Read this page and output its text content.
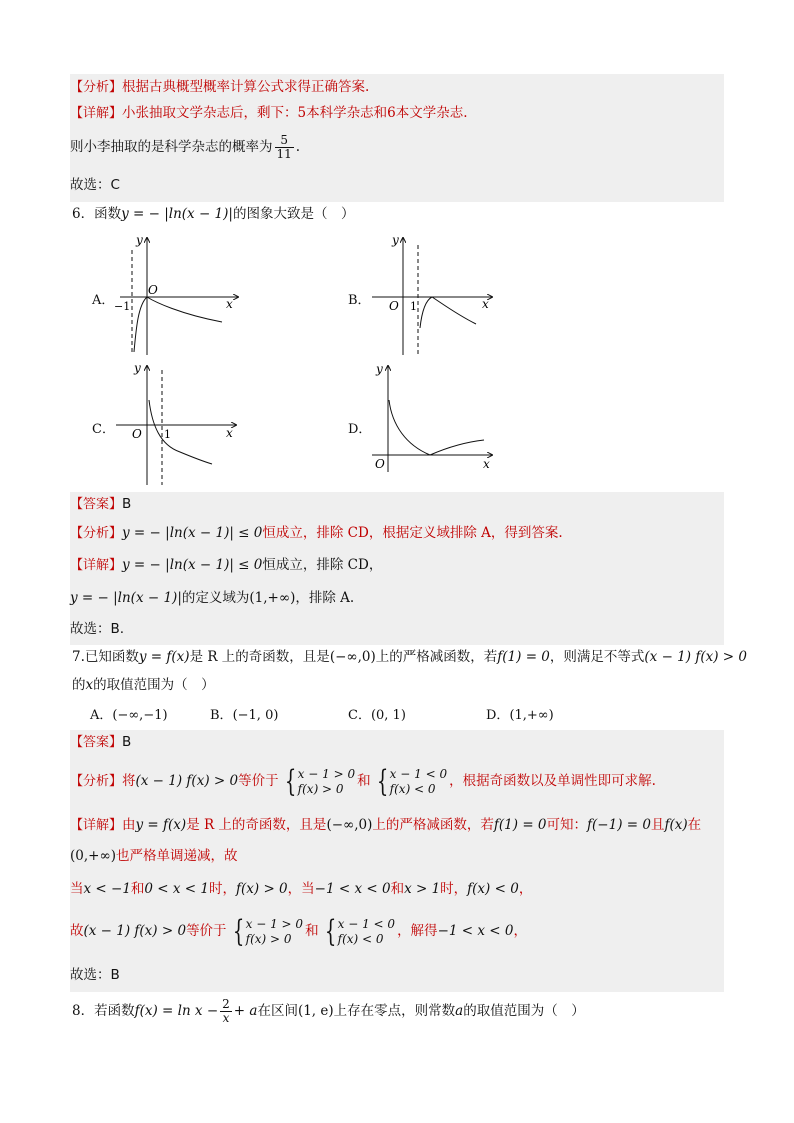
【分析】根据古典概型概率计算公式求得正确答案.
【详解】小张抽取文学杂志后，剩下：5本科学杂志和6本文学杂志.
则小李抽取的是科学杂志的概率为 $\frac{5}{11}$ .
故选：C
6．函数y = − |ln(x − 1)|的图象大致是（　）
A．	x
y
−1
O
B．	x
y
O 1
C．	x
y
O 1	D．
x
y
O
【答案】B
【分析】y = − |ln(x − 1)| ≤ 0恒成立，排除 CD，根据定义域排除 A，得到答案.
【详解】y = − |ln(x − 1)| ≤ 0恒成立，排除 CD，
y = − |ln(x − 1)|的定义域为(1,+∞)，排除 A.
故选：B.
7.已知函数y = f(x)是 R 上的奇函数，且是(−∞,0)上的严格减函数，若f(1) = 0，则满足不等式(x − 1) f(x) > 0
的x的取值范围为（　）
A．(−∞,−1)	B．(−1, 0)	C．(0, 1)	D．(1,+∞)
【答案】B
【分析】将(x − 1) f(x) > 0等价于 { x − 1 > 0
f(x) > 0	和 { x − 1 < 0
f(x) < 0	，根据奇函数以及单调性即可求解.
【详解】由y = f(x)是 R 上的奇函数，且是(−∞,0)上的严格减函数，若f(1) = 0可知：f(−1) = 0且f(x)在
(0,+∞)也严格单调递减，故
当x < −1和0 < x < 1时，f(x) > 0，当−1 < x < 0和x > 1时，f(x) < 0，
故(x − 1) f(x) > 0等价于 { x − 1 > 0
f(x) > 0	和 { x − 1 < 0
f(x) < 0	，解得−1 < x < 0，
故选：B
8．若函数$f(x) = \ln x - \frac{2}{x} + a$在区间(1, e)上存在零点，则常数a的取值范围为（　）
